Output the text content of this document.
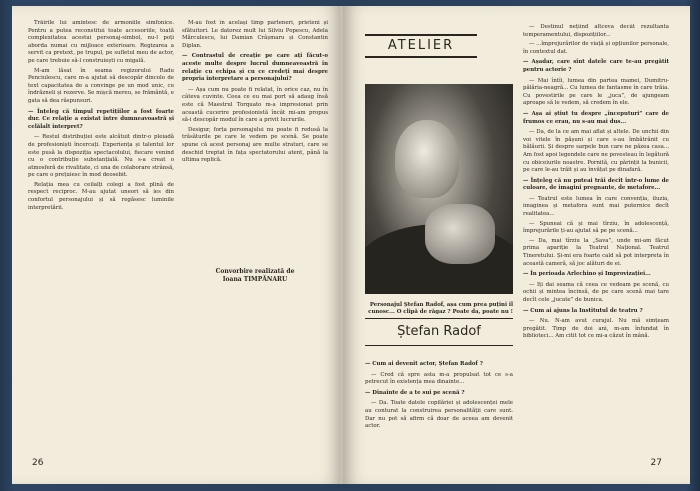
Trăirile lui amintesc de armoniile simfonice. Pentru a putea reconstitui toate accesoriile, toată complexitatea acestui personaj-simbol, nu-l poți aborda numai cu mijloace exterioare. Regizarea a servit ca pretext, pe trupul, pe sufletul meu de actor, pe care trebuie să-l construiești cu migală.

M-am lăsat în seama regizorului Radu Penciulescu, care m-a ajutat să descopăr dincolo de text capacitatea de a convinge pe un mod unic, cu îndrăzneli și rezerve. Se mișcă mereu, se frământă, e gata să dea răspunsuri.

— Înțeleg că timpul repetițiilor a fost foarte dur. Ce relație a existat între dumneavoastră și celălalt interpret?

— Restul distribuției este alcătuit dintr-o pleiadă de profesioniști încercați. Experiența și talentul lor este pusă la dispoziția spectacolului, fiecare venind cu o contribuție substanțială. Nu s-a creat o atmosferă de rivalitate, ci una de colaborare strânsă, pe care o prețuiesc în mod deosebit.

Relația mea cu ceilalți colegi a fost plină de respect reciproc. M-au ajutat uneori să ies din confortul personajului și să regăsesc luminile interpretării.

M-au fost în același timp parteneri, prieteni și sfătuitori. Le datorez mult lui Silviu Popescu, Adela Mărculescu, lui Damian Crâșmaru și Constantin Diplan.

— Contrastul de creație pe care ați făcut-o aceste multe despre lucrul dumneavoastră în relație cu echipa și cu ce credeți mai despre propria interpretare a personajului?

— Așa cum nu poate fi relatat, în orice caz, nu în câteva cuvinte. Ceea ce eu mai port să adaug însă este că Maestrul Torquato m-a impresionat prin această cucerire profesionistă încât mi-am propus să-i descopăr modul în care a privit lucrurile.

Desigur, forța personajului nu poate fi redusă la trăsăturile pe care le vedem pe scenă. Se poate spune că acest personaj are multe straturi, care se deschid treptat în fața spectatorului atent, până la ultima replică.

Convorbire realizată de
Ioana TIMPĂNARU
26
ATELIER
Personajul Ștefan Radof, așa cum prea puțini îl cunosc... O clipă de răgaz ? Poate da, poate nu !
Ștefan Radof

— Cum ai devenit actor, Ștefan Radof ?

— Cred că spre asta m-a propulsat tot ce s-a petrecut în existența mea dinainte...

— Dinainte de a te sui pe scenă ?

— Da. Toate datele copilăriei și adolescenței mele au conturat la construirea personalității care sunt. Dar nu pot să afirm că doar de aceea am devenit actor.

— Destinul nețiind altceva decât rezultanta temperamentului, dispozițiilor...

— ...împrejurărilor de viață și opțiunilor personale, în contextul dat.

— Așadar, care sînt datele care te-au pregătit pentru actorie ?

— Mai întîi, lumea din partea mamei, Dumitru-pălăria-neagră... Cu lumea de fantasme în care trăia. Cu povestirile pe care le „juca”, de ajungeam aproape să le vedem, să credem în ele.

— Așa ai știut tu despre „începuturi” care de frumos ce erau, nu s-au mai dus...

— Da, de la ce am mai aflat și altele. De unchii din voi vitele în pășuni și care s-au îmbătrânit cu bălăurii. Și despre sarpele bun care ne păzea casa... Am fost apoi legendele care ne povesteau în legătură cu obiceiurile noastre. Pornită, cu părinții la bunicii, pe care le-au trăit și au învățat pe dinafară.

— Înțeleg că nu puteai trăi decît într-o lume de culoare, de imagini pregnante, de metafore...

— Teatrul este lumea în care convenția, iluzia, imaginea și metafora sunt mai puternice decît realitatea...

— Spuneai că și mai tîrziu, în adolescență, împrejurările ți-au ajutat să pe pe scenă...

— Da, mai tîrziu la „Sava”, unde mi-am făcut prima apariție la Teatrul Național. Teatrul Tineretului. Și-mi era foarte cald să pot interpreta în această cameră, să joc alături de ei.

— În perioada Arlechino și Improvizației...

— Iți dai seama că ceea ce vedeam pe scenă, cu ochii și mintea încinsă, de pe care scenă mai tare decît cele „jucate” de bunica.

— Cum ai ajuns la Institutul de teatru ?

— Nu. N-am avut curajul. Nu mă simțeam pregătit. Timp de doi ani, m-am înfundat în biblioteci... Am citit tot ce mi-a căzut în mână.

27
